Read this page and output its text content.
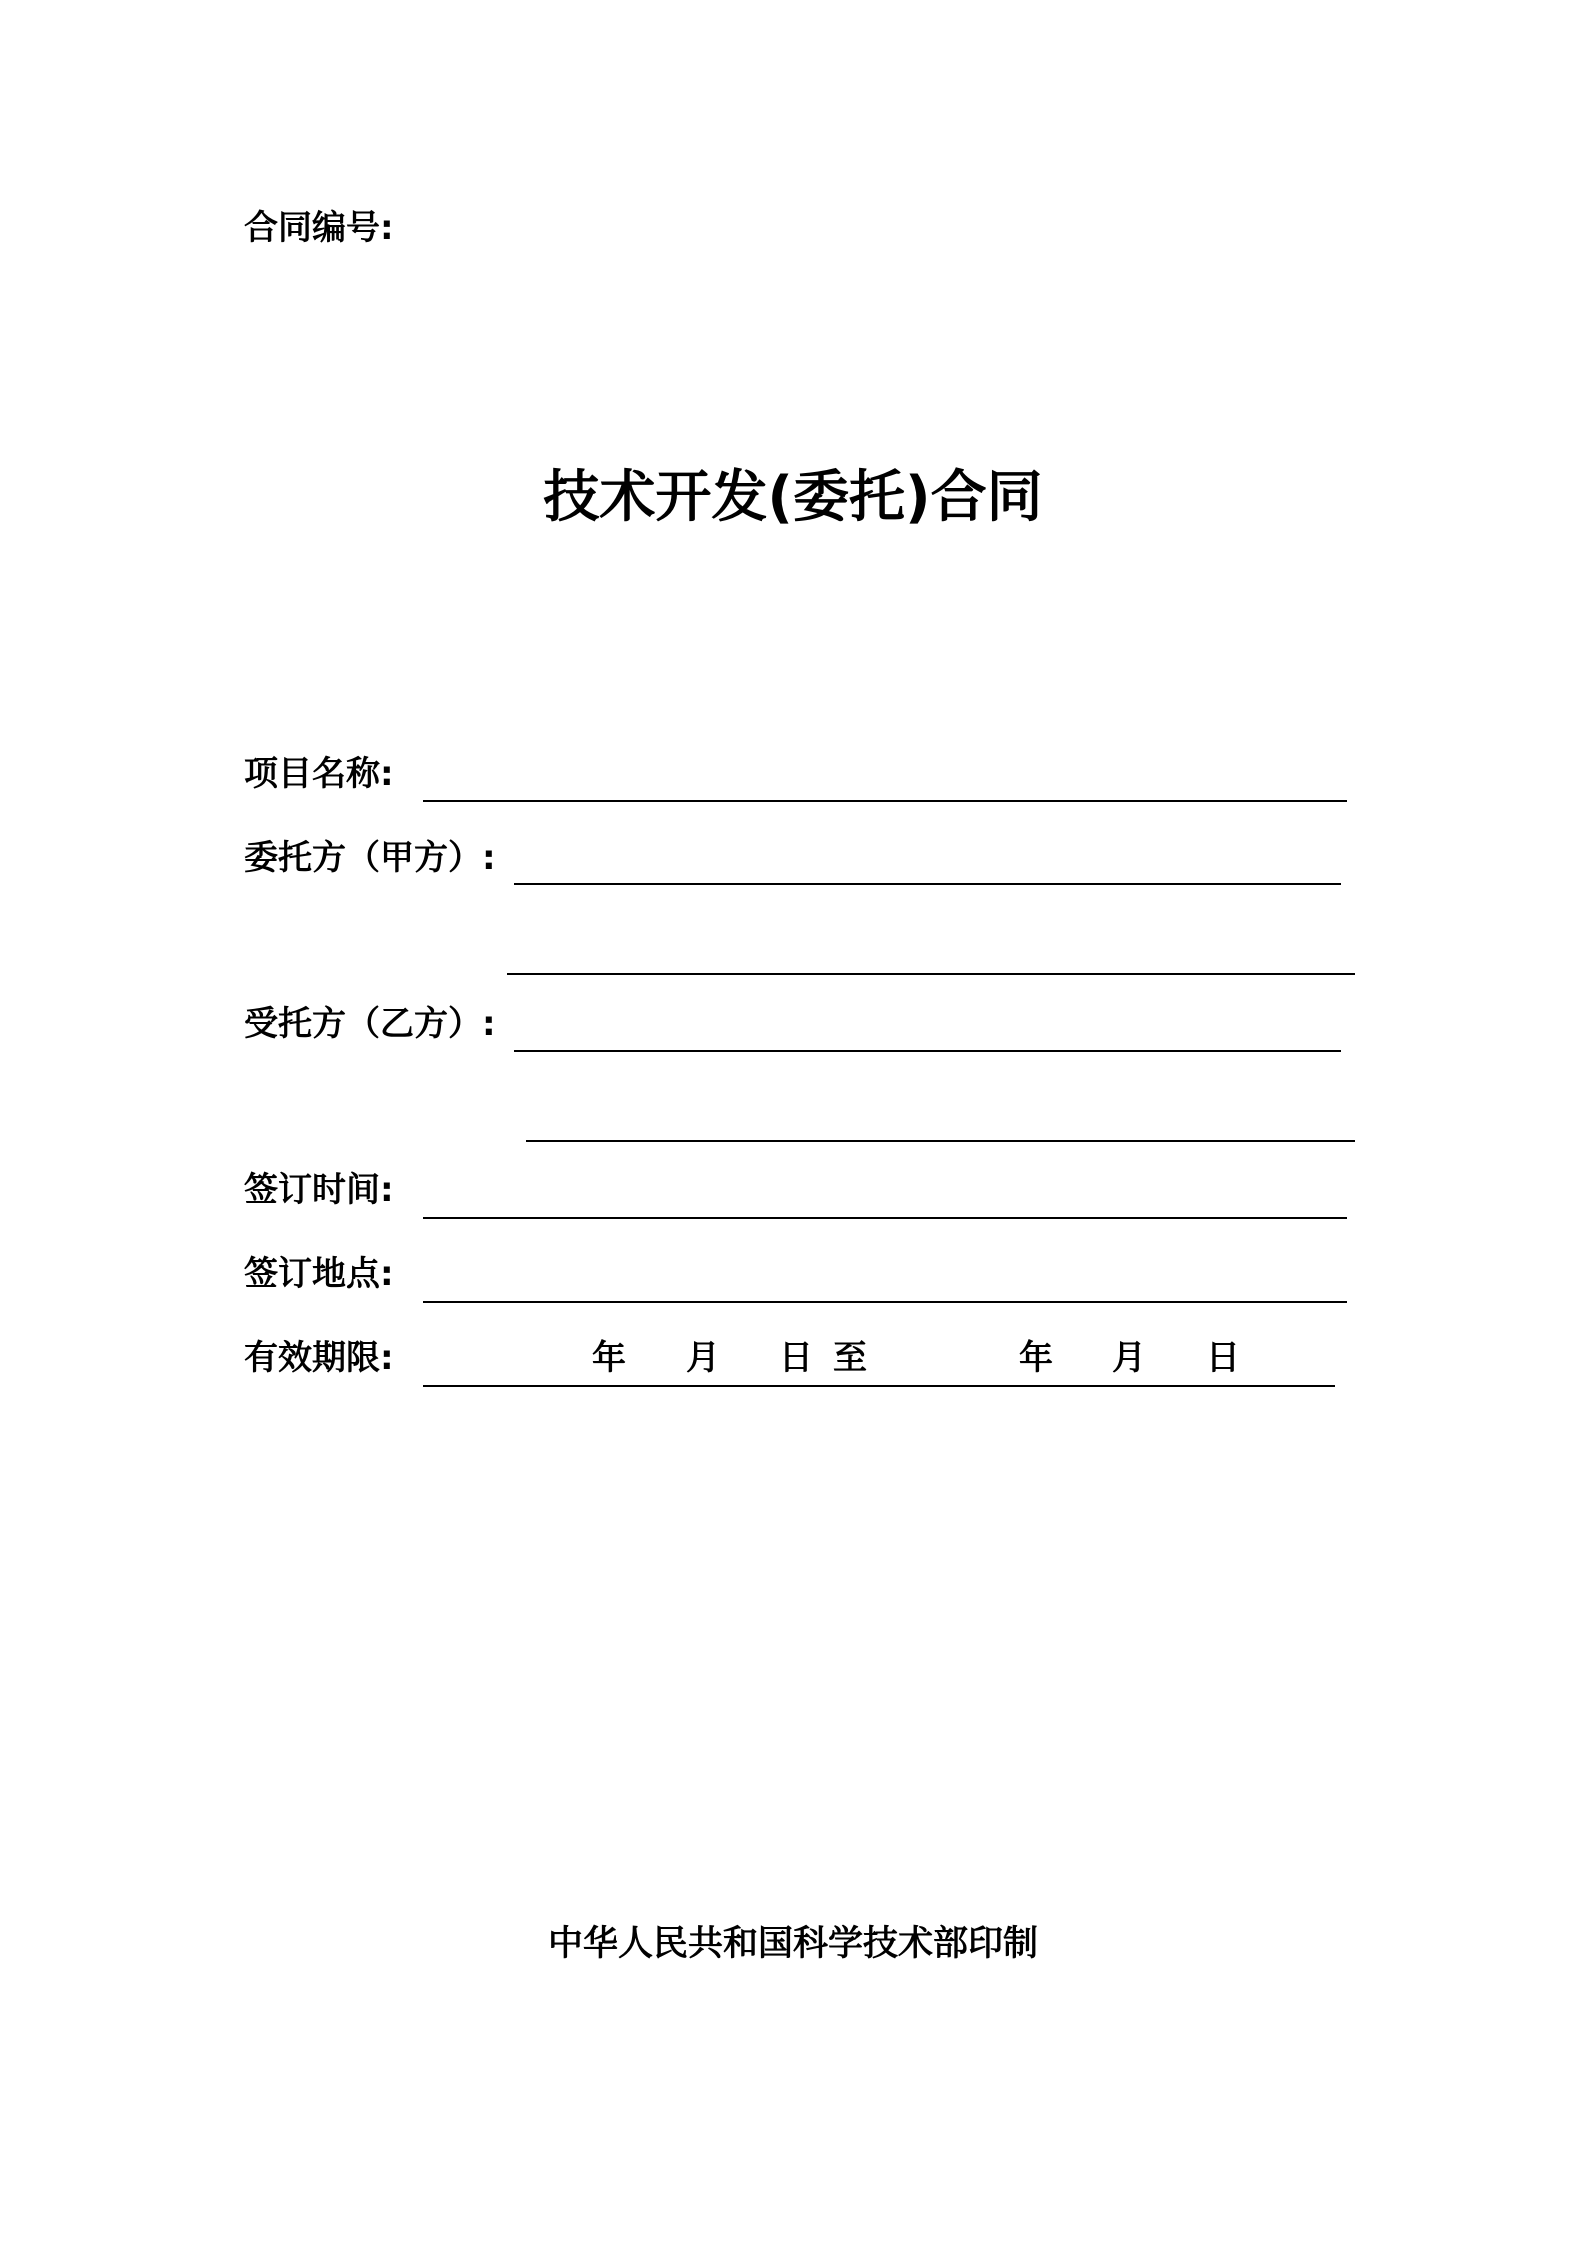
合同编号:
技术开发(委托)合同
项目名称:
委托方（甲方）:
受托方（乙方）:
签订时间:
签订地点:
有效期限:	年 月 日 至	年 月 日
中华人民共和国科学技术部印制
